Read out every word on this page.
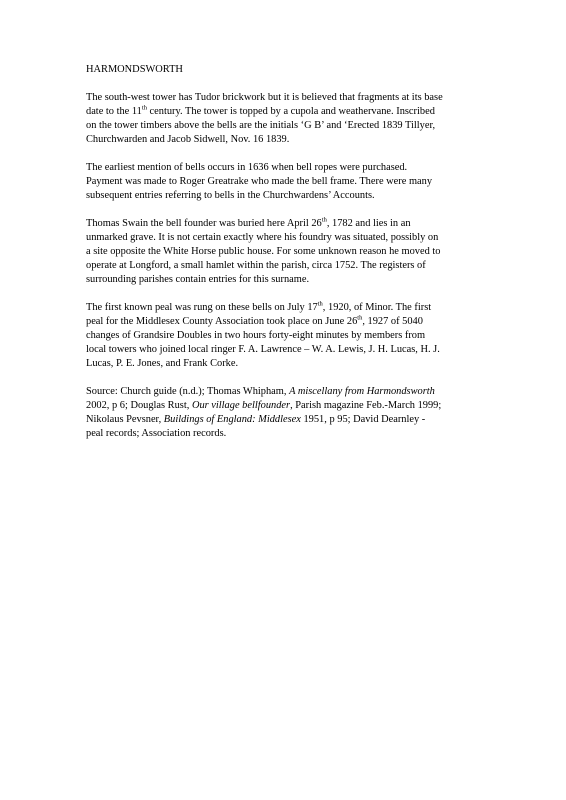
HARMONDSWORTH

The south-west tower has Tudor brickwork but it is believed that fragments at its base
date to the 11th century. The tower is topped by a cupola and weathervane. Inscribed
on the tower timbers above the bells are the initials ‘G B’ and ‘Erected 1839 Tillyer,
Churchwarden and Jacob Sidwell, Nov. 16 1839.

The earliest mention of bells occurs in 1636 when bell ropes were purchased.
Payment was made to Roger Greatrake who made the bell frame. There were many
subsequent entries referring to bells in the Churchwardens’ Accounts.

Thomas Swain the bell founder was buried here April 26th, 1782 and lies in an
unmarked grave. It is not certain exactly where his foundry was situated, possibly on
a site opposite the White Horse public house. For some unknown reason he moved to
operate at Longford, a small hamlet within the parish, circa 1752. The registers of
surrounding parishes contain entries for this surname.

The first known peal was rung on these bells on July 17th, 1920, of Minor. The first
peal for the Middlesex County Association took place on June 26th, 1927 of 5040
changes of Grandsire Doubles in two hours forty-eight minutes by members from
local towers who joined local ringer F. A. Lawrence – W. A. Lewis, J. H. Lucas, H. J.
Lucas, P. E. Jones, and Frank Corke.

Source: Church guide (n.d.); Thomas Whipham, A miscellany from Harmondsworth
2002, p 6; Douglas Rust, Our village bellfounder, Parish magazine Feb.-March 1999;
Nikolaus Pevsner, Buildings of England: Middlesex 1951, p 95; David Dearnley -
peal records; Association records.
